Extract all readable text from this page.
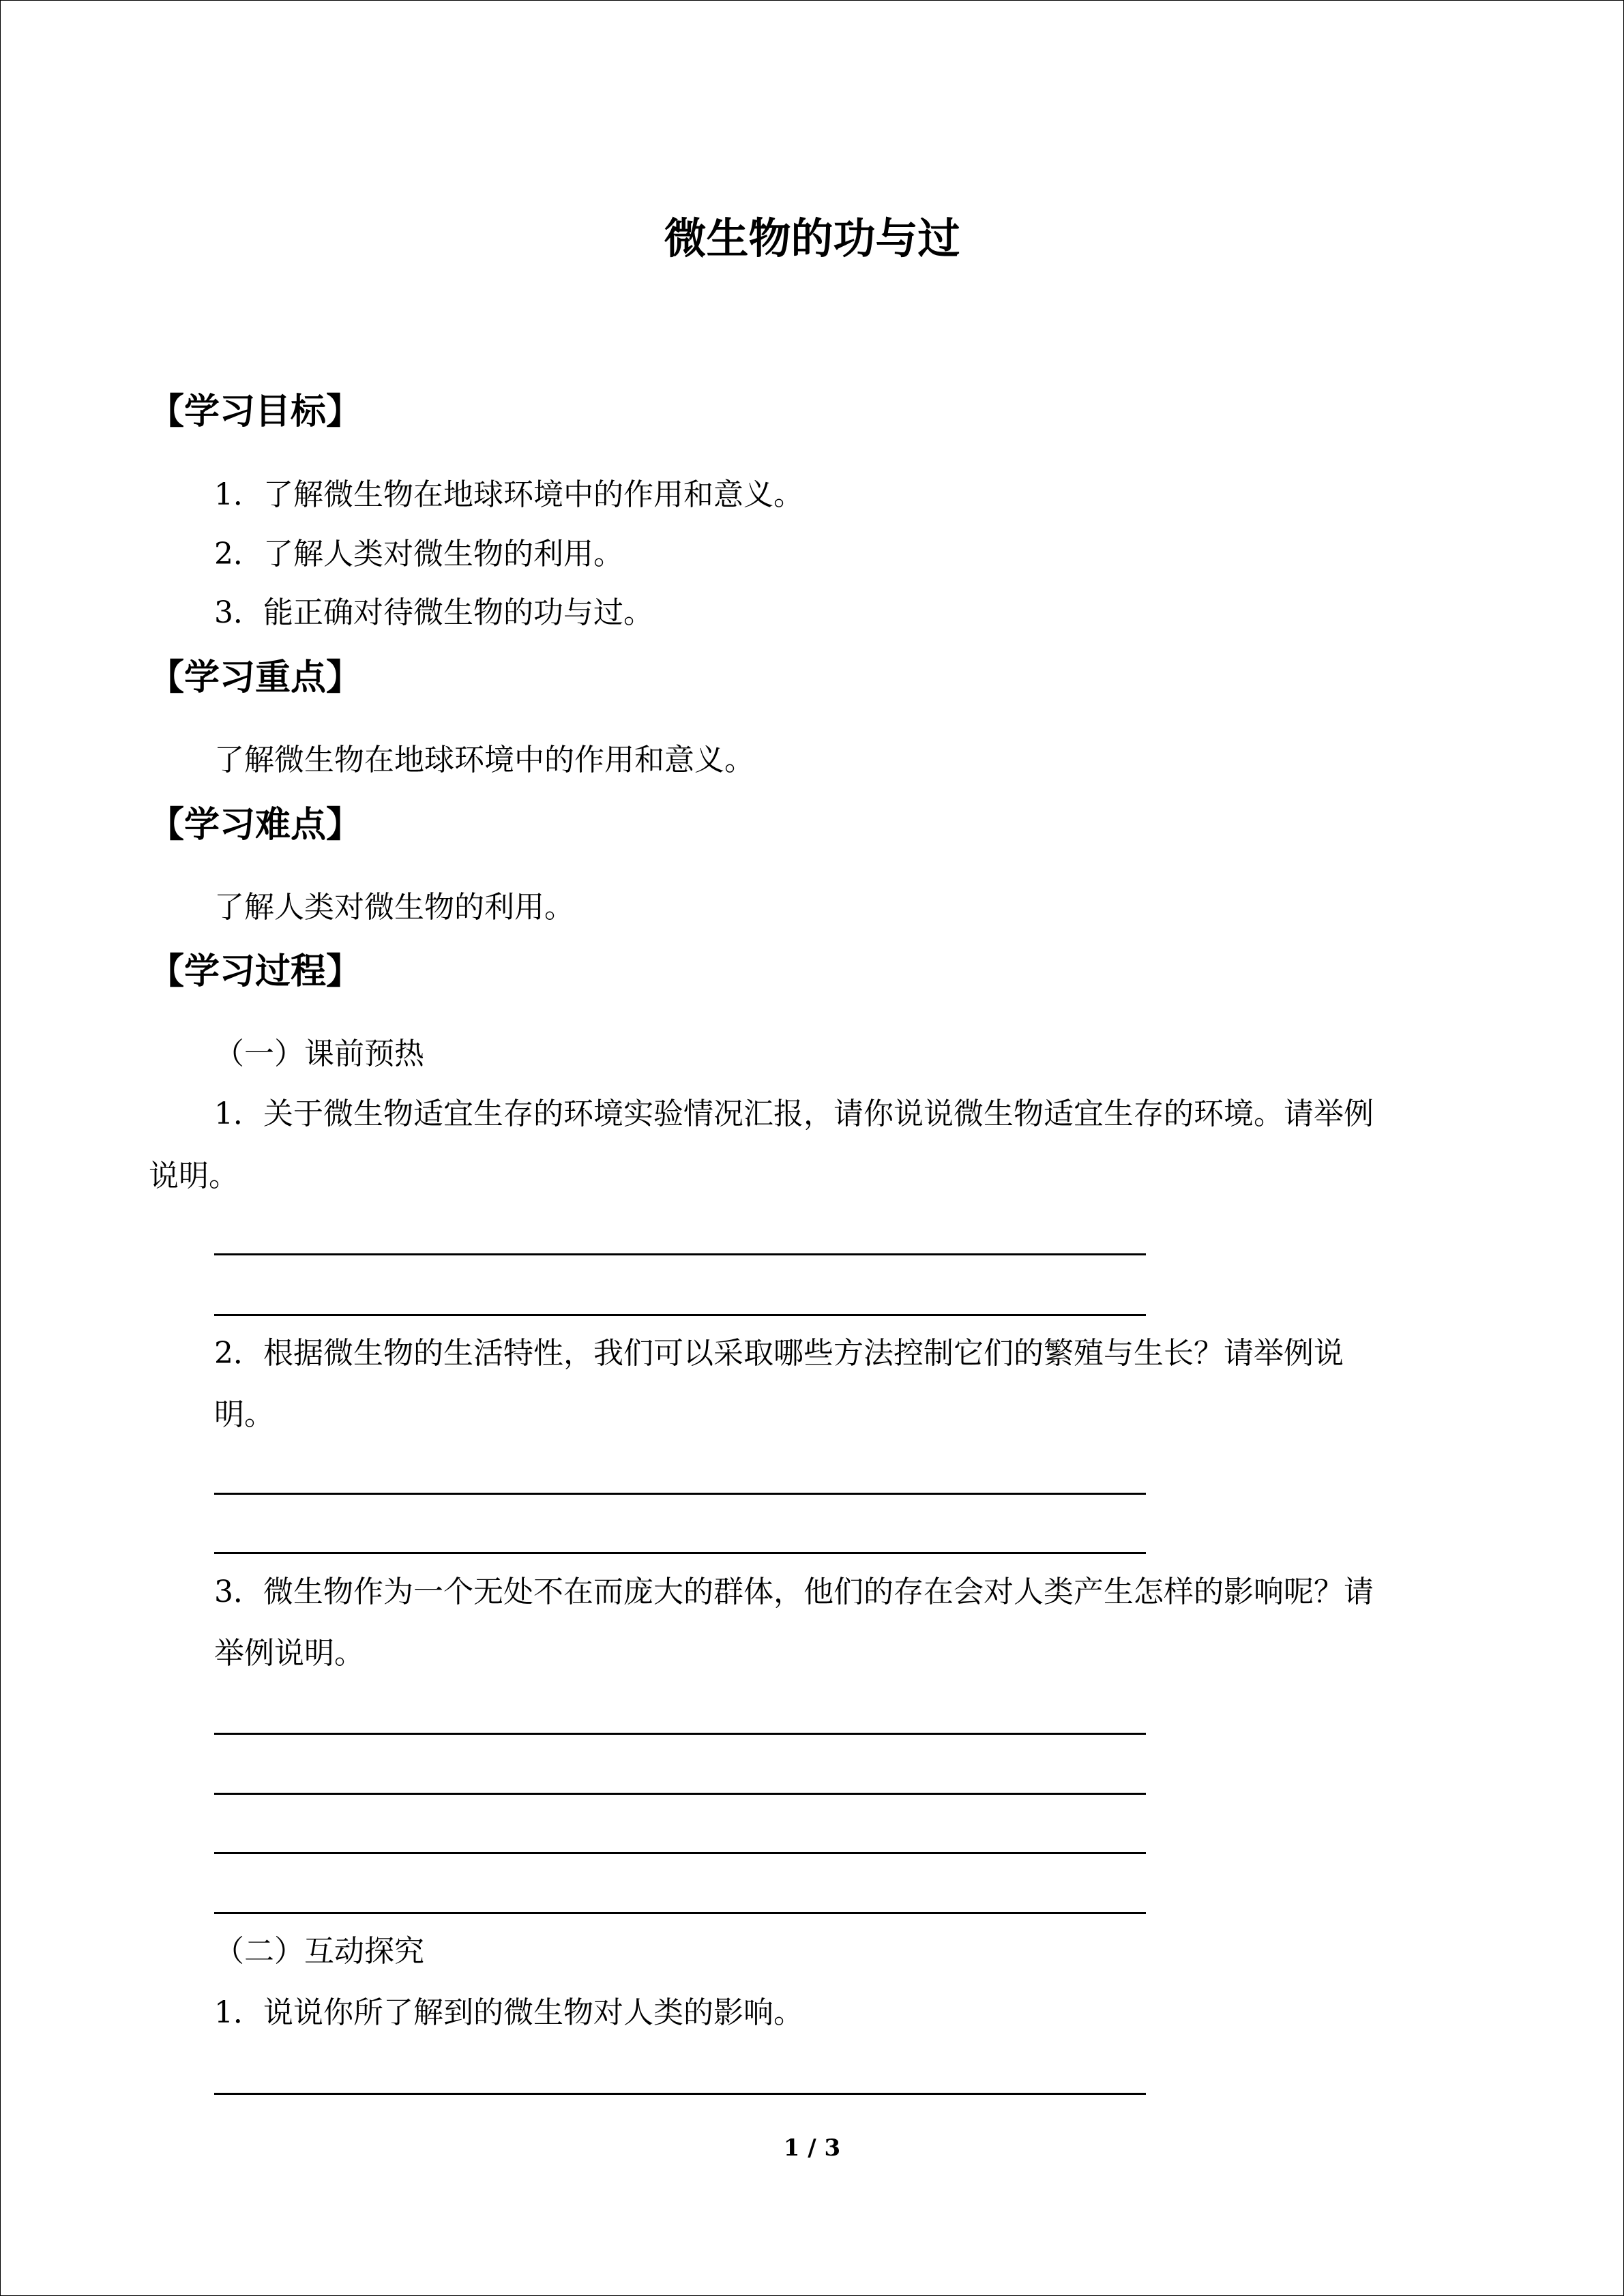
微生物的功与过
【学习目标】
1．了解微生物在地球环境中的作用和意义。
2．了解人类对微生物的利用。
3．能正确对待微生物的功与过。
【学习重点】
了解微生物在地球环境中的作用和意义。
【学习难点】
了解人类对微生物的利用。
【学习过程】
（一）课前预热
1．关于微生物适宜生存的环境实验情况汇报，请你说说微生物适宜生存的环境。请举例
说明。
2．根据微生物的生活特性，我们可以采取哪些方法控制它们的繁殖与生长？请举例说
明。
3．微生物作为一个无处不在而庞大的群体，他们的存在会对人类产生怎样的影响呢？请
举例说明。
（二）互动探究
1．说说你所了解到的微生物对人类的影响。
1 / 3
